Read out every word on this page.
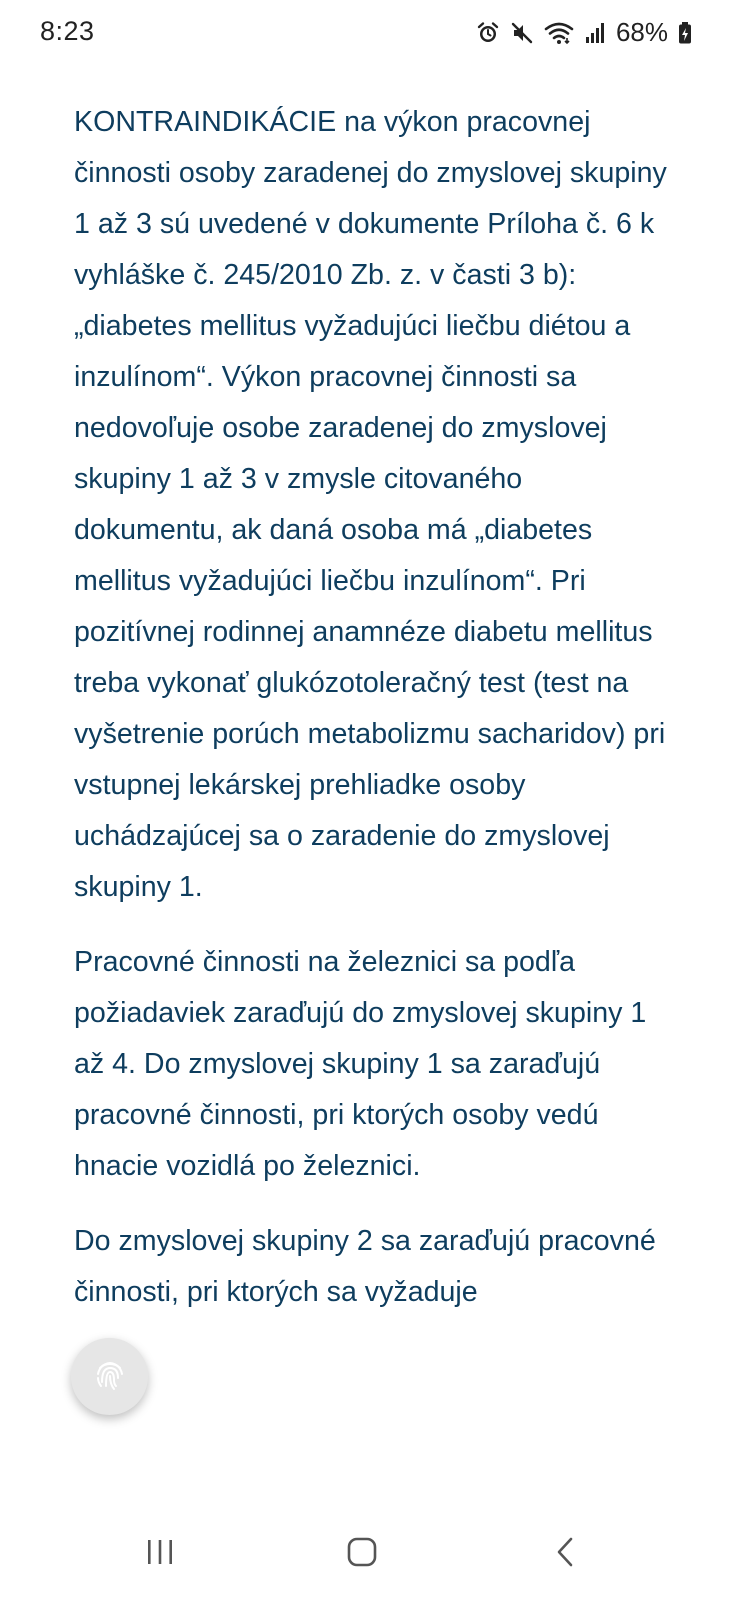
8:23	68%

KONTRAINDIKÁCIE na výkon pracovnej činnosti osoby zaradenej do zmyslovej skupiny 1 až 3 sú uvedené v dokumente Príloha č. 6 k vyhláške č. 245/2010 Zb. z. v časti 3 b): „diabetes mellitus vyžadujúci liečbu diétou a inzulínom“. Výkon pracovnej činnosti sa nedovoľuje osobe zaradenej do zmyslovej skupiny 1 až 3 v zmysle citovaného dokumentu, ak daná osoba má „diabetes mellitus vyžadujúci liečbu inzulínom“. Pri pozitívnej rodinnej anamnéze diabetu mellitus treba vykonať glukózotoleračný test (test na vyšetrenie porúch metabolizmu sacharidov) pri vstupnej lekárskej prehliadke osoby uchádzajúcej sa o zaradenie do zmyslovej skupiny 1.

Pracovné činnosti na železnici sa podľa požiadaviek zaraďujú do zmyslovej skupiny 1 až 4. Do zmyslovej skupiny 1 sa zaraďujú pracovné činnosti, pri ktorých osoby vedú hnacie vozidlá po železnici.

Do zmyslovej skupiny 2 sa zaraďujú pracovné činnosti, pri ktorých sa vyžaduje
